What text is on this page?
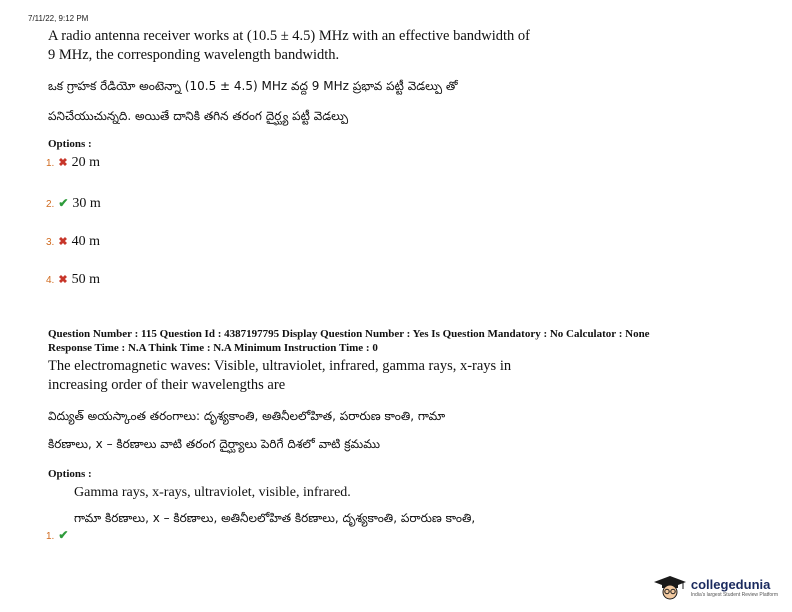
7/11/22, 9:12 PM
A radio antenna receiver works at (10.5 ± 4.5) MHz with an effective bandwidth of
9 MHz, the corresponding wavelength bandwidth.
ఒక గ్రాహక రేడియో అంటెన్నా (10.5 ± 4.5) MHz వద్ద 9 MHz ప్రభావ పట్టీ వెడల్పు తో
పనిచేయుచున్నది. అయితే దానికి తగిన తరంగ దైర్ఘ్య పట్టీ వెడల్పు
Options :
1. ✖ 20 m
2. ✔ 30 m
3. ✖ 40 m
4. ✖ 50 m
Question Number : 115 Question Id : 4387197795 Display Question Number : Yes Is Question Mandatory : No Calculator : None
Response Time : N.A Think Time : N.A Minimum Instruction Time : 0
The electromagnetic waves: Visible, ultraviolet, infrared, gamma rays, x-rays in
increasing order of their wavelengths are
విద్యుత్ అయస్కాంత తరంగాలు: దృశ్యకాంతి, అతినీలలోహిత, పరారుణ కాంతి, గామా
కిరణాలు, x – కిరణాలు వాటి తరంగ దైర్ఘ్యాలు పెరిగే దిశలో వాటి క్రమము
Options :
Gamma rays, x-rays, ultraviolet, visible, infrared.
గామా కిరణాలు, x – కిరణాలు, అతినీలలోహిత కిరణాలు, దృశ్యకాంతి, పరారుణ కాంతి,
1. ✔
collegedunia
India's largest Student Review Platform
